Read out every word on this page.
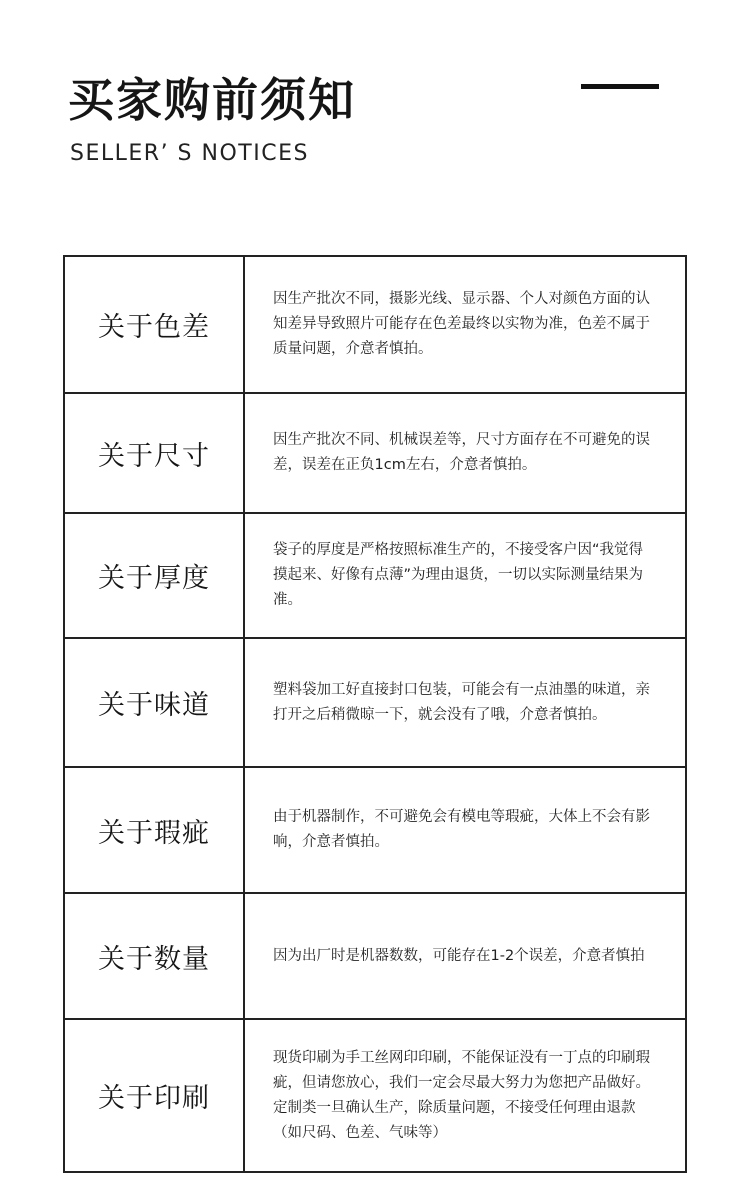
买家购前须知
SELLER’ S NOTICES
关于色差
因生产批次不同，摄影光线、显示器、个人对颜色方面的认知差异导致照片可能存在色差最终以实物为准，色差不属于质量问题，介意者慎拍。
关于尺寸
因生产批次不同、机械误差等，尺寸方面存在不可避免的误差，误差在正负1cm左右，介意者慎拍。
关于厚度
袋子的厚度是严格按照标准生产的，不接受客户因“我觉得摸起来、好像有点薄”为理由退货，一切以实际测量结果为准。
关于味道
塑料袋加工好直接封口包装，可能会有一点油墨的味道，亲打开之后稍微晾一下，就会没有了哦，介意者慎拍。
关于瑕疵
由于机器制作，不可避免会有模电等瑕疵，大体上不会有影响，介意者慎拍。
关于数量	因为出厂时是机器数数，可能存在1-2个误差，介意者慎拍
关于印刷
现货印刷为手工丝网印印刷，不能保证没有一丁点的印刷瑕疵，但请您放心，我们一定会尽最大努力为您把产品做好。定制类一旦确认生产，除质量问题，不接受任何理由退款（如尺码、色差、气味等）
